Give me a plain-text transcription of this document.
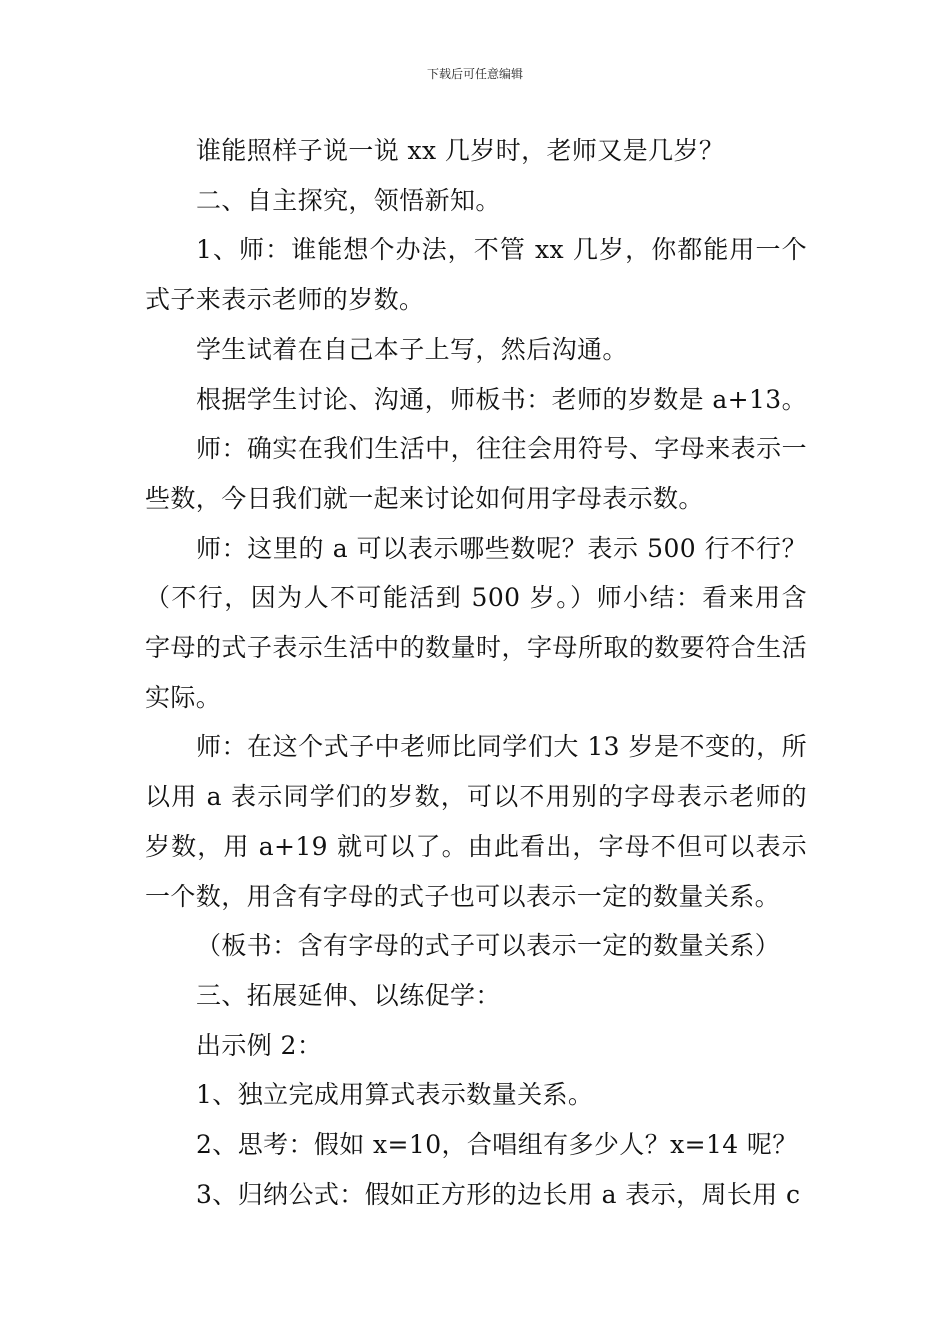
下载后可任意编辑

谁能照样子说一说 xx 几岁时，老师又是几岁？

二、自主探究，领悟新知。

1、师：谁能想个办法，不管 xx 几岁，你都能用一个式子来表示老师的岁数。

学生试着在自己本子上写，然后沟通。

根据学生讨论、沟通，师板书：老师的岁数是 a+13。

师：确实在我们生活中，往往会用符号、字母来表示一些数，今日我们就一起来讨论如何用字母表示数。

师：这里的 a 可以表示哪些数呢？表示 500 行不行？（不行，因为人不可能活到 500 岁。）师小结：看来用含字母的式子表示生活中的数量时，字母所取的数要符合生活实际。

师：在这个式子中老师比同学们大 13 岁是不变的，所以用 a 表示同学们的岁数，可以不用别的字母表示老师的岁数，用 a+19 就可以了。由此看出，字母不但可以表示一个数，用含有字母的式子也可以表示一定的数量关系。

（板书：含有字母的式子可以表示一定的数量关系）

三、拓展延伸、以练促学：

出示例 2：

1、独立完成用算式表示数量关系。

2、思考：假如 x=10，合唱组有多少人？x=14 呢？

3、归纳公式：假如正方形的边长用 a 表示，周长用 c
